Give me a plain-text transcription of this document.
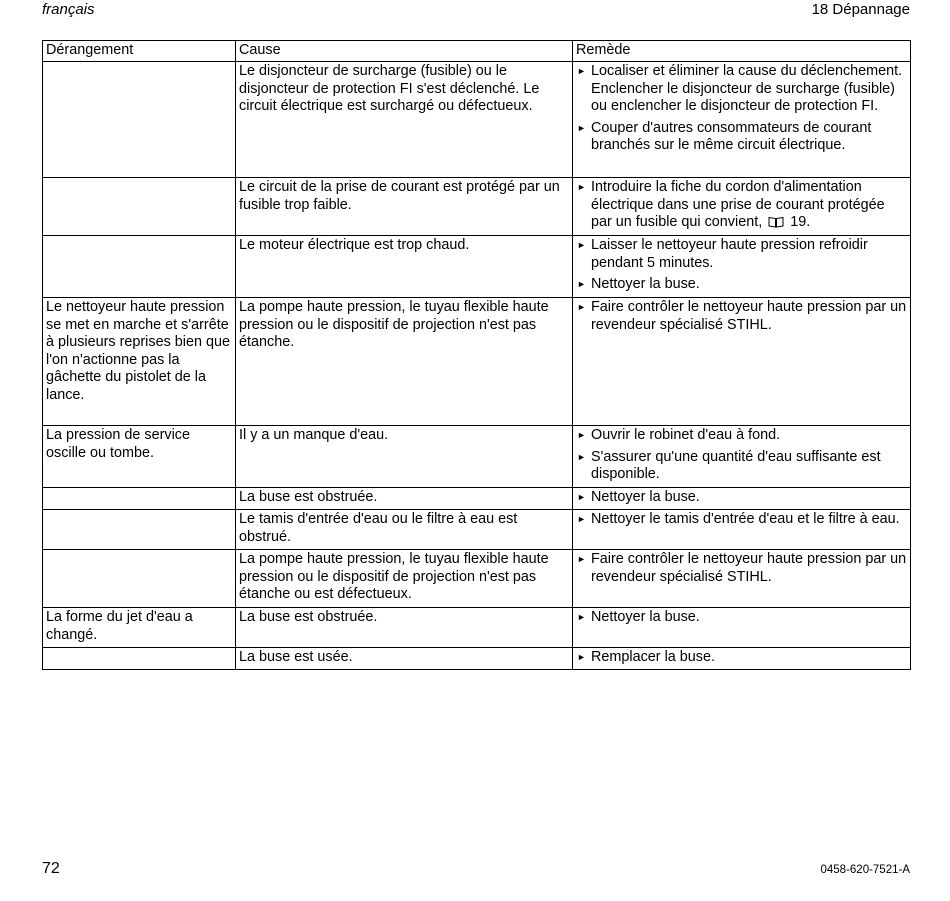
français	18 Dépannage
Dérangement	Cause	Remède
	Le disjoncteur de surcharge (fusible) ou le disjoncteur de protection FI s'est déclenché. Le circuit électrique est surchargé ou défectueux.	► Localiser et éliminer la cause du déclenchement. Enclencher le disjoncteur de surcharge (fusible) ou enclencher le disjoncteur de protection FI.
► Couper d'autres consommateurs de courant branchés sur le même circuit électrique.

	Le circuit de la prise de courant est protégé par un fusible trop faible.	► Introduire la fiche du cordon d'alimentation électrique dans une prise de courant protégée par un fusible qui convient, 19.

	Le moteur électrique est trop chaud.	► Laisser le nettoyeur haute pression refroidir pendant 5 minutes.
► Nettoyer la buse.

Le nettoyeur haute pression se met en marche et s'arrête à plusieurs reprises bien que l'on n'actionne pas la gâchette du pistolet de la lance.	La pompe haute pression, le tuyau flexible haute pression ou le dispositif de projection n'est pas étanche.	► Faire contrôler le nettoyeur haute pression par un revendeur spécialisé STIHL.

La pression de service oscille ou tombe.	Il y a un manque d'eau.	► Ouvrir le robinet d'eau à fond.
► S'assurer qu'une quantité d'eau suffisante est disponible.

	La buse est obstruée.	► Nettoyer la buse.

	Le tamis d'entrée d'eau ou le filtre à eau est obstrué.	► Nettoyer le tamis d'entrée d'eau et le filtre à eau.

	La pompe haute pression, le tuyau flexible haute pression ou le dispositif de projection n'est pas étanche ou est défectueux.	► Faire contrôler le nettoyeur haute pression par un revendeur spécialisé STIHL.

La forme du jet d'eau a changé.	La buse est obstruée.	► Nettoyer la buse.

	La buse est usée.	► Remplacer la buse.
72	0458-620-7521-A
